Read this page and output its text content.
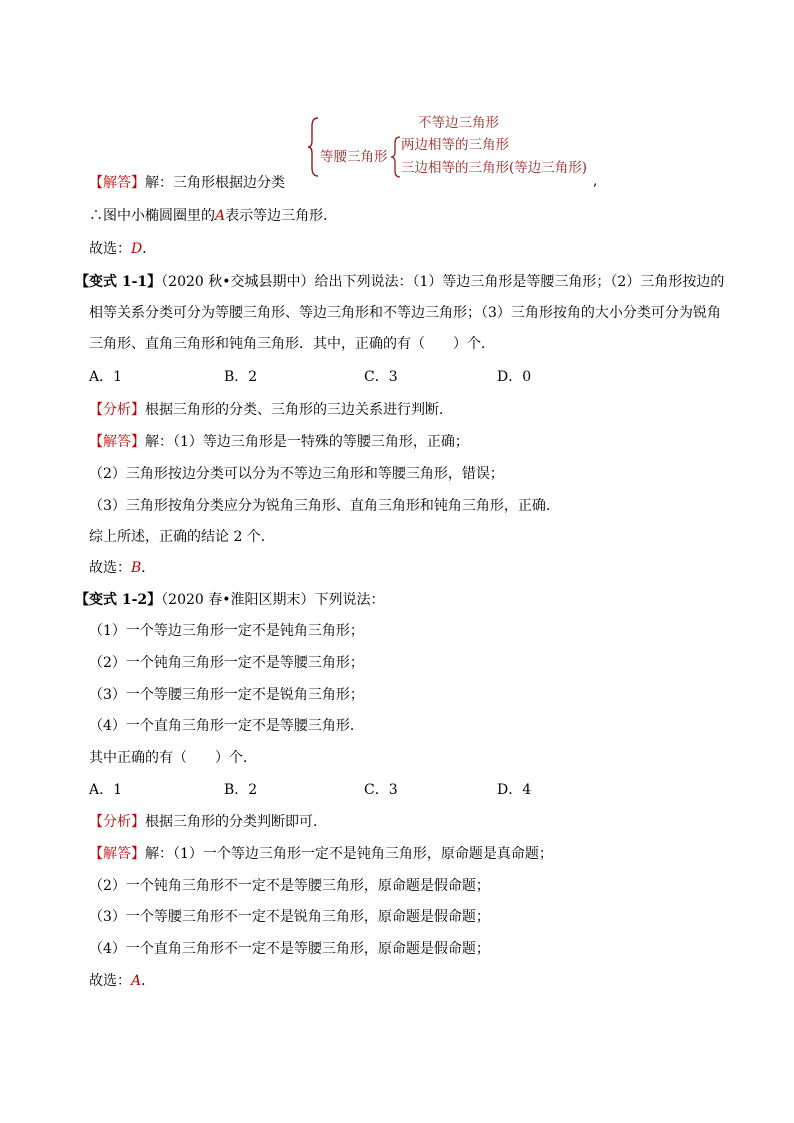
不等边三角形
等腰三角形
两边相等的三角形
三边相等的三角形(等边三角形)
,
【解答】解：三角形根据边分类
∴图中小椭圆圈里的A表示等边三角形．
故选：D．
【变式 1-1】（2020 秋•交城县期中）给出下列说法：（1）等边三角形是等腰三角形；（2）三角形按边的
相等关系分类可分为等腰三角形、等边三角形和不等边三角形；（3）三角形按角的大小分类可分为锐角
三角形、直角三角形和钝角三角形．其中，正确的有（　　）个．
A．1	B．2	C．3	D．0
【分析】根据三角形的分类、三角形的三边关系进行判断．
【解答】解：（1）等边三角形是一特殊的等腰三角形，正确；
（2）三角形按边分类可以分为不等边三角形和等腰三角形，错误；
（3）三角形按角分类应分为锐角三角形、直角三角形和钝角三角形，正确．
综上所述，正确的结论 2 个．
故选：B．
【变式 1-2】（2020 春•淮阳区期末）下列说法：
（1）一个等边三角形一定不是钝角三角形；
（2）一个钝角三角形一定不是等腰三角形；
（3）一个等腰三角形一定不是锐角三角形；
（4）一个直角三角形一定不是等腰三角形．
其中正确的有（　　）个．
A．1	B．2	C．3	D．4
【分析】根据三角形的分类判断即可．
【解答】解：（1）一个等边三角形一定不是钝角三角形，原命题是真命题；
（2）一个钝角三角形不一定不是等腰三角形，原命题是假命题；
（3）一个等腰三角形不一定不是锐角三角形，原命题是假命题；
（4）一个直角三角形不一定不是等腰三角形，原命题是假命题；
故选：A．
